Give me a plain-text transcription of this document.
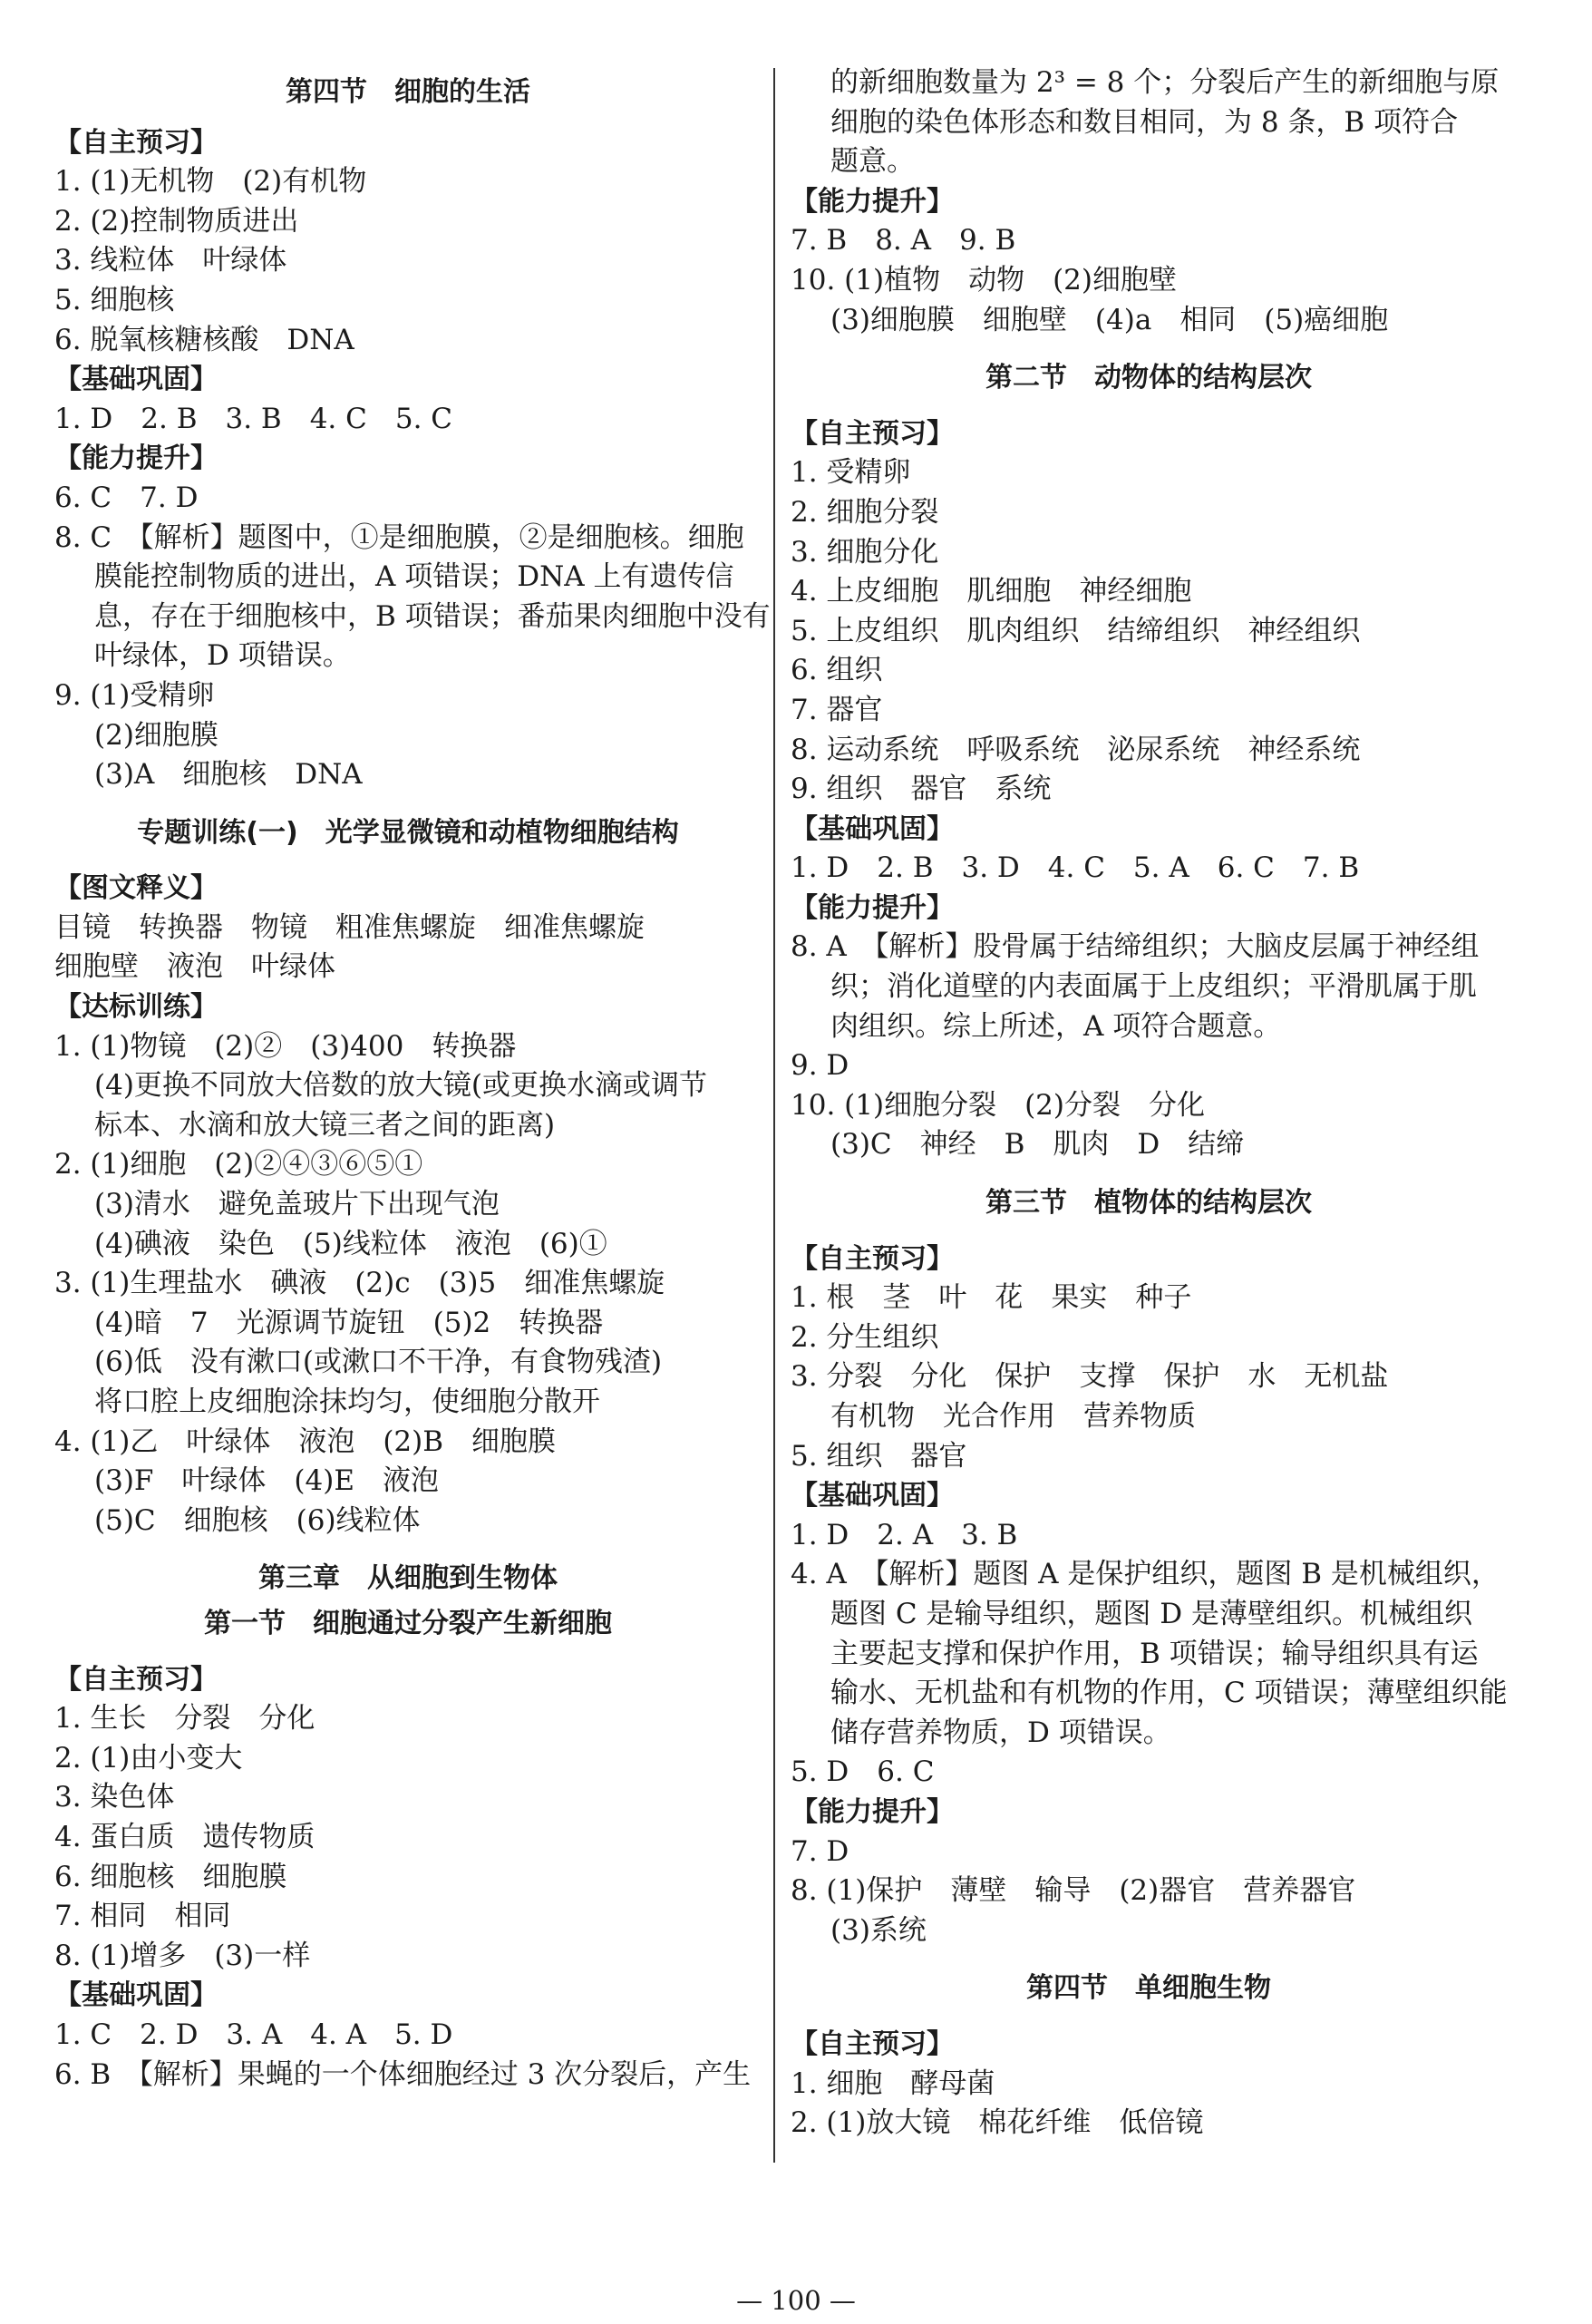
第四节　细胞的生活

【自主预习】

1. (1)无机物　(2)有机物

2. (2)控制物质进出

3. 线粒体　叶绿体

5. 细胞核

6. 脱氧核糖核酸　DNA

【基础巩固】

1. D　2. B　3. B　4. C　5. C

【能力提升】

6. C　7. D

8. C　【解析】题图中，①是细胞膜，②是细胞核。细胞

膜能控制物质的进出，A 项错误；DNA 上有遗传信

息，存在于细胞核中，B 项错误；番茄果肉细胞中没有

叶绿体，D 项错误。

9. (1)受精卵

(2)细胞膜

(3)A　细胞核　DNA

专题训练(一)　光学显微镜和动植物细胞结构

【图文释义】

目镜　转换器　物镜　粗准焦螺旋　细准焦螺旋

细胞壁　液泡　叶绿体

【达标训练】

1. (1)物镜　(2)②　(3)400　转换器

(4)更换不同放大倍数的放大镜(或更换水滴或调节

标本、水滴和放大镜三者之间的距离)

2. (1)细胞　(2)②④③⑥⑤①

(3)清水　避免盖玻片下出现气泡

(4)碘液　染色　(5)线粒体　液泡　(6)①

3. (1)生理盐水　碘液　(2)c　(3)5　细准焦螺旋

(4)暗　7　光源调节旋钮　(5)2　转换器

(6)低　没有漱口(或漱口不干净，有食物残渣)

将口腔上皮细胞涂抹均匀，使细胞分散开

4. (1)乙　叶绿体　液泡　(2)B　细胞膜

(3)F　叶绿体　(4)E　液泡

(5)C　细胞核　(6)线粒体

第三章　从细胞到生物体

第一节　细胞通过分裂产生新细胞

【自主预习】

1. 生长　分裂　分化

2. (1)由小变大

3. 染色体

4. 蛋白质　遗传物质

6. 细胞核　细胞膜

7. 相同　相同

8. (1)增多　(3)一样

【基础巩固】

1. C　2. D　3. A　4. A　5. D

6. B　【解析】果蝇的一个体细胞经过 3 次分裂后，产生

的新细胞数量为 2³ = 8 个；分裂后产生的新细胞与原

细胞的染色体形态和数目相同，为 8 条，B 项符合

题意。

【能力提升】

7. B　8. A　9. B

10. (1)植物　动物　(2)细胞壁

(3)细胞膜　细胞壁　(4)a　相同　(5)癌细胞

第二节　动物体的结构层次

【自主预习】

1. 受精卵

2. 细胞分裂

3. 细胞分化

4. 上皮细胞　肌细胞　神经细胞

5. 上皮组织　肌肉组织　结缔组织　神经组织

6. 组织

7. 器官

8. 运动系统　呼吸系统　泌尿系统　神经系统

9. 组织　器官　系统

【基础巩固】

1. D　2. B　3. D　4. C　5. A　6. C　7. B

【能力提升】

8. A　【解析】股骨属于结缔组织；大脑皮层属于神经组

织；消化道壁的内表面属于上皮组织；平滑肌属于肌

肉组织。综上所述，A 项符合题意。

9. D

10. (1)细胞分裂　(2)分裂　分化

(3)C　神经　B　肌肉　D　结缔

第三节　植物体的结构层次

【自主预习】

1. 根　茎　叶　花　果实　种子

2. 分生组织

3. 分裂　分化　保护　支撑　保护　水　无机盐

有机物　光合作用　营养物质

5. 组织　器官

【基础巩固】

1. D　2. A　3. B

4. A　【解析】题图 A 是保护组织，题图 B 是机械组织，

题图 C 是输导组织，题图 D 是薄壁组织。机械组织

主要起支撑和保护作用，B 项错误；输导组织具有运

输水、无机盐和有机物的作用，C 项错误；薄壁组织能

储存营养物质，D 项错误。

5. D　6. C

【能力提升】

7. D

8. (1)保护　薄壁　输导　(2)器官　营养器官

(3)系统

第四节　单细胞生物

【自主预习】

1. 细胞　酵母菌

2. (1)放大镜　棉花纤维　低倍镜

— 100 —
